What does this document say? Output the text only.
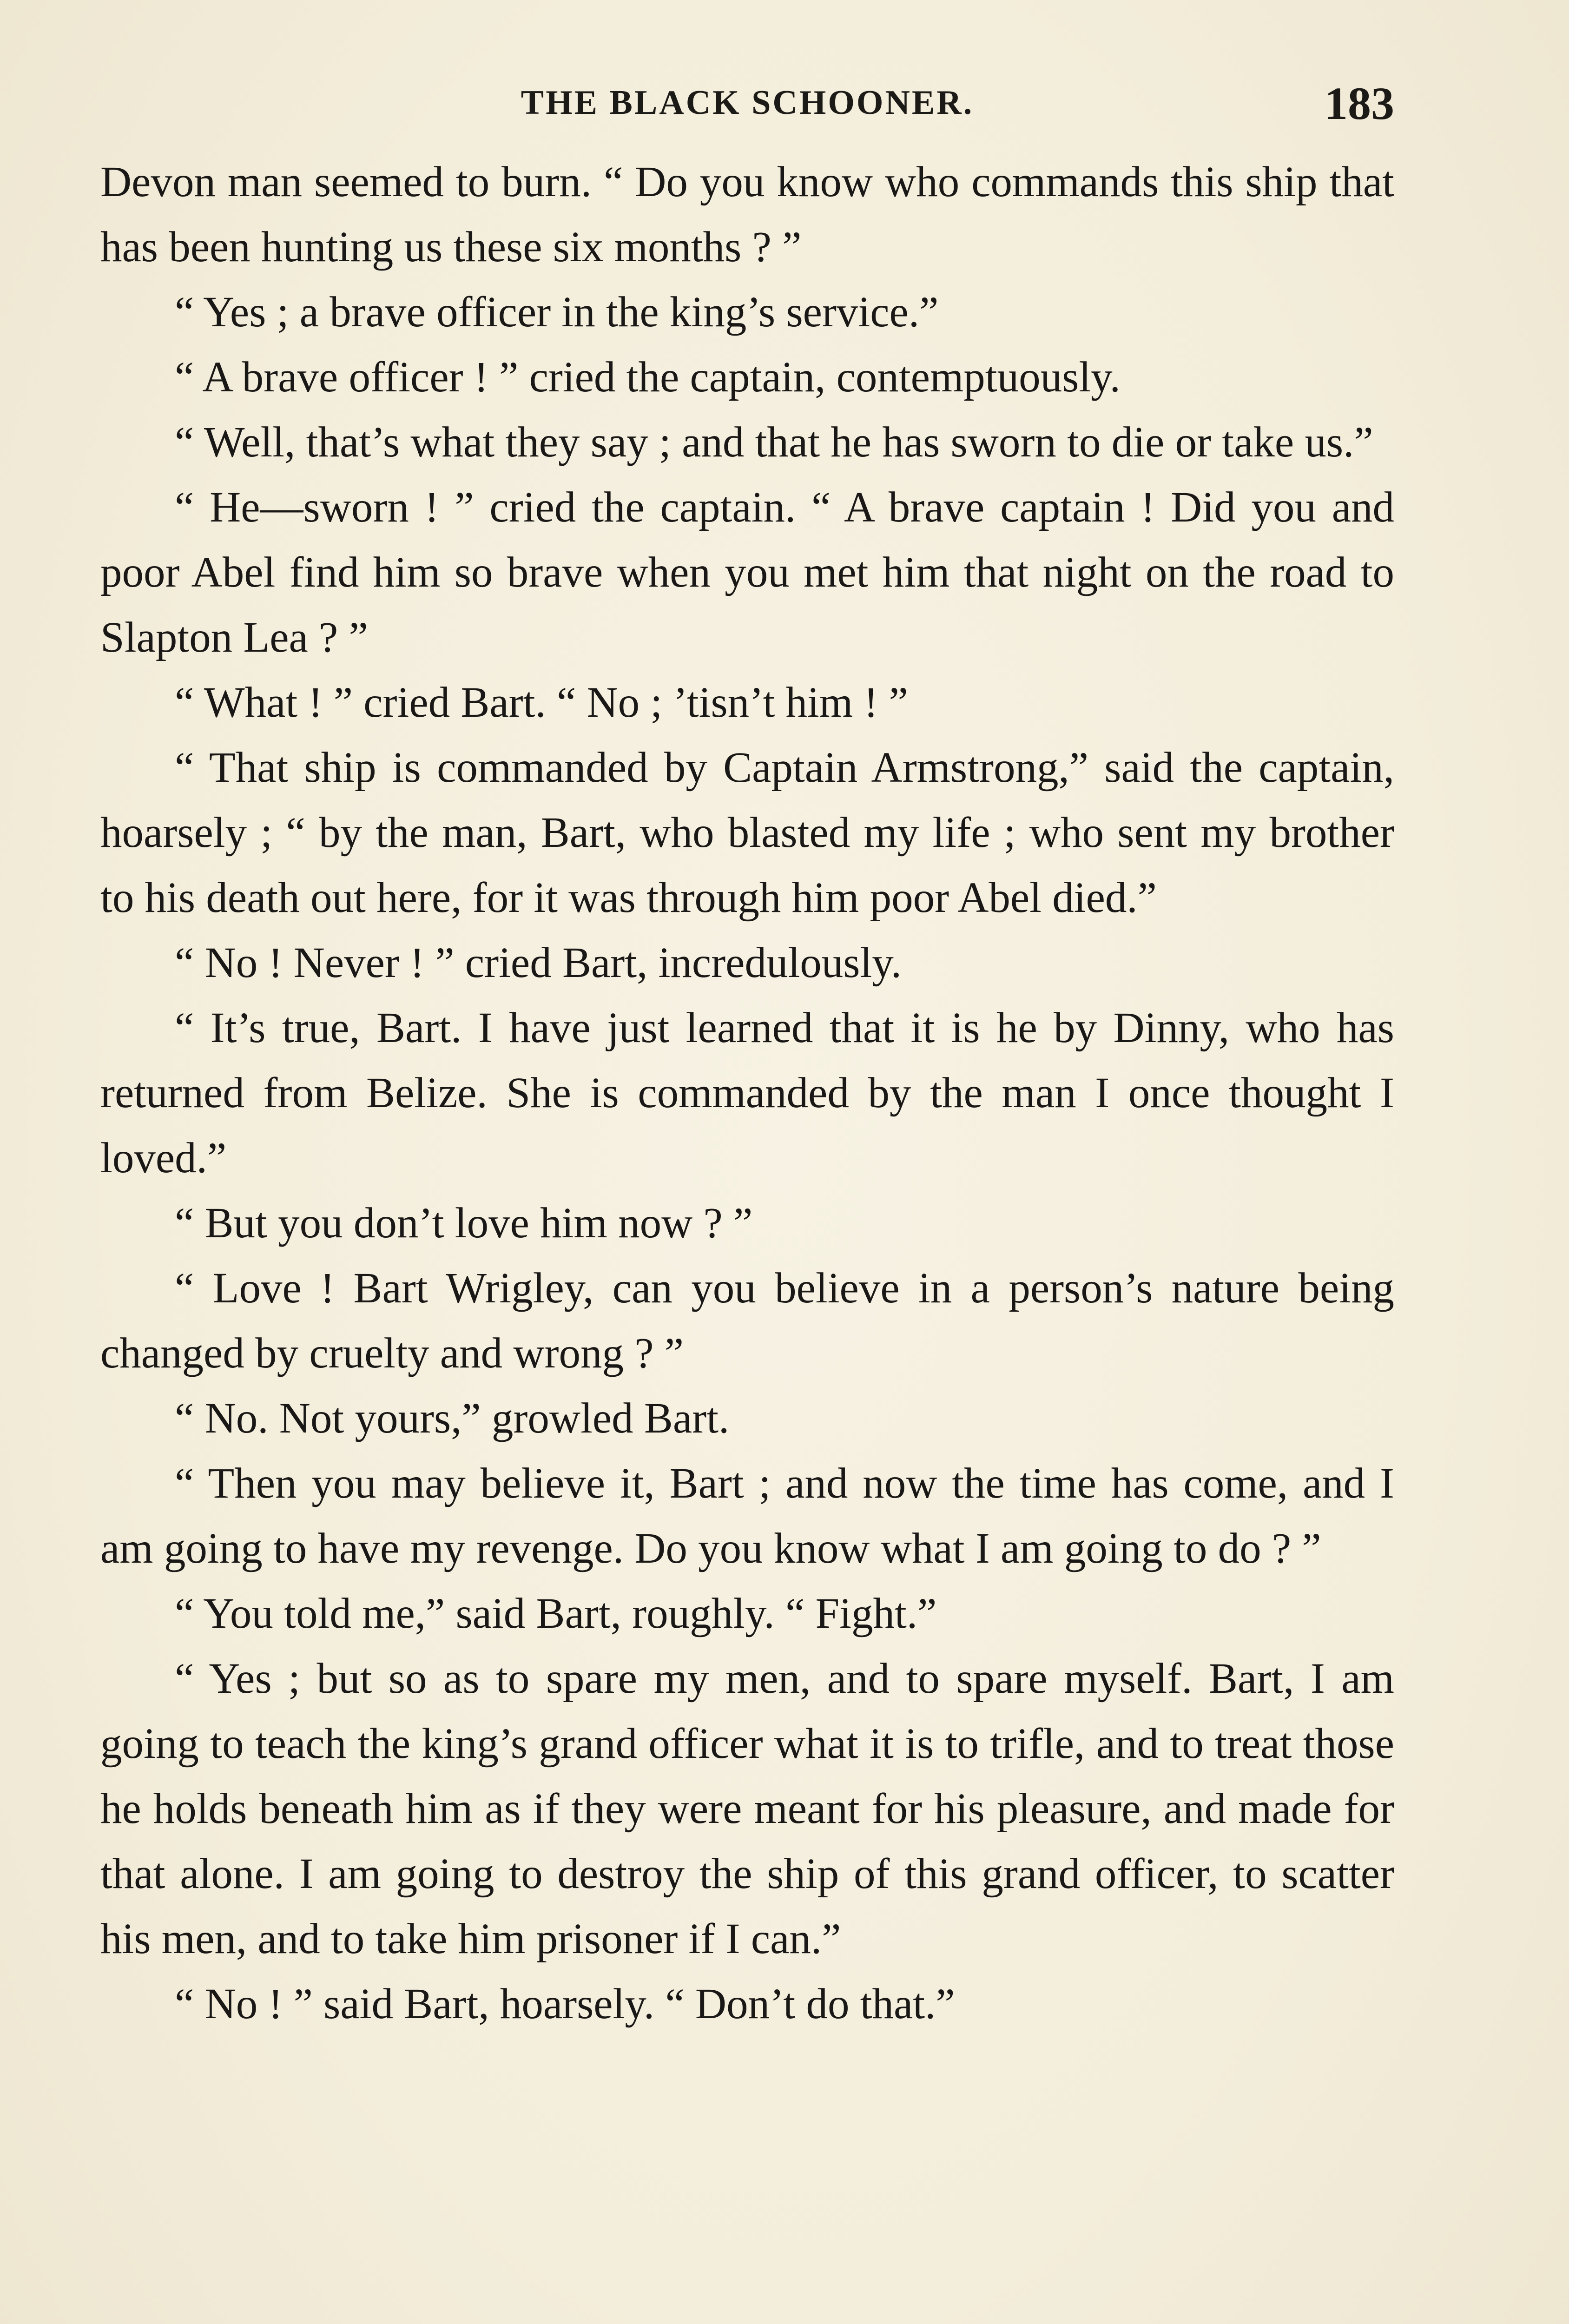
THE BLACK SCHOONER.	183

Devon man seemed to burn. “ Do you know who commands this ship that has been hunting us these six months ? ”

“ Yes ; a brave officer in the king’s service.”

“ A brave officer ! ” cried the captain, contemptuously.

“ Well, that’s what they say ; and that he has sworn to die or take us.”

“ He—sworn ! ” cried the captain. “ A brave captain ! Did you and poor Abel find him so brave when you met him that night on the road to Slapton Lea ? ”

“ What ! ” cried Bart. “ No ; ’tisn’t him ! ”

“ That ship is commanded by Captain Armstrong,” said the captain, hoarsely ; “ by the man, Bart, who blasted my life ; who sent my brother to his death out here, for it was through him poor Abel died.”

“ No ! Never ! ” cried Bart, incredulously.

“ It’s true, Bart. I have just learned that it is he by Dinny, who has returned from Belize. She is commanded by the man I once thought I loved.”

“ But you don’t love him now ? ”

“ Love ! Bart Wrigley, can you believe in a person’s nature being changed by cruelty and wrong ? ”

“ No. Not yours,” growled Bart.

“ Then you may believe it, Bart ; and now the time has come, and I am going to have my revenge. Do you know what I am going to do ? ”

“ You told me,” said Bart, roughly. “ Fight.”

“ Yes ; but so as to spare my men, and to spare myself. Bart, I am going to teach the king’s grand officer what it is to trifle, and to treat those he holds beneath him as if they were meant for his pleasure, and made for that alone. I am going to destroy the ship of this grand officer, to scatter his men, and to take him prisoner if I can.”

“ No ! ” said Bart, hoarsely. “ Don’t do that.”
